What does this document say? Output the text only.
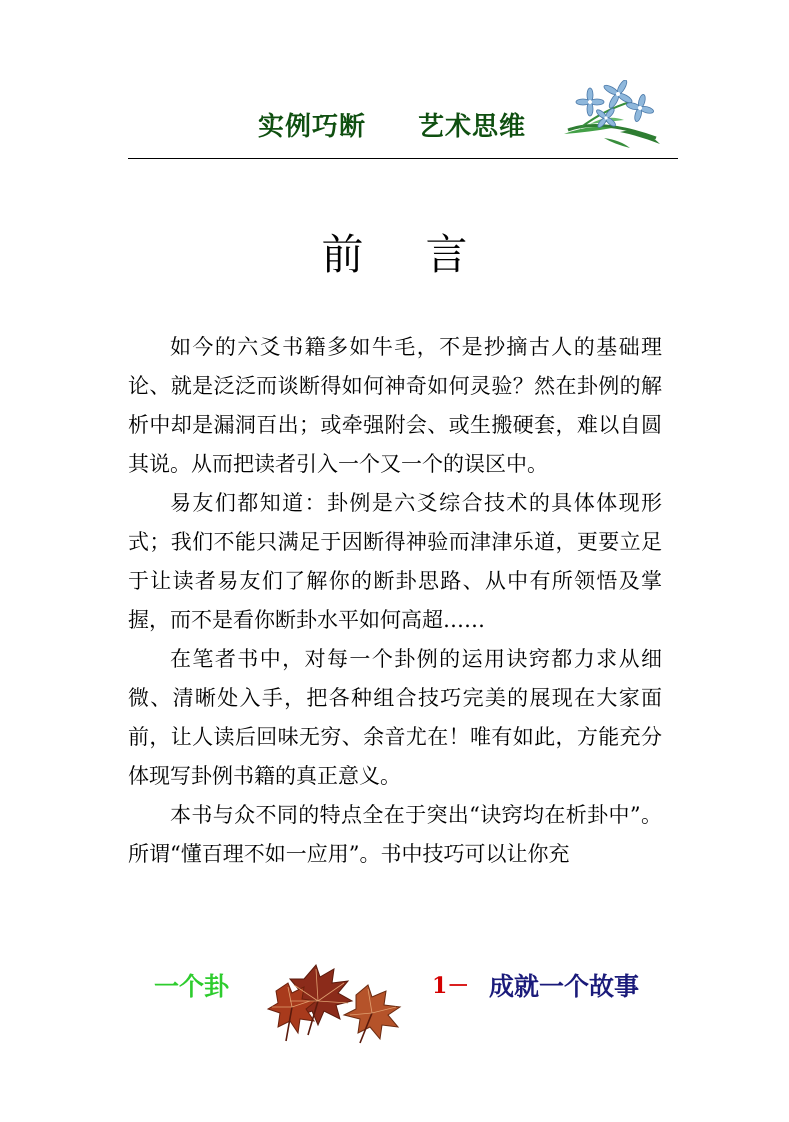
实例巧断 艺术思维
前言

如今的六爻书籍多如牛毛，不是抄摘古人的基础理论、就是泛泛而谈断得如何神奇如何灵验？然在卦例的解析中却是漏洞百出；或牵强附会、或生搬硬套，难以自圆其说。从而把读者引入一个又一个的误区中。

易友们都知道：卦例是六爻综合技术的具体体现形式；我们不能只满足于因断得神验而津津乐道，更要立足于让读者易友们了解你的断卦思路、从中有所领悟及掌握，而不是看你断卦水平如何高超……

在笔者书中，对每一个卦例的运用诀窍都力求从细微、清晰处入手，把各种组合技巧完美的展现在大家面前，让人读后回味无穷、余音尤在！唯有如此，方能充分体现写卦例书籍的真正意义。

本书与众不同的特点全在于突出“诀窍均在析卦中”。所谓“懂百理不如一应用”。书中技巧可以让你充

一个卦	1－ 成就一个故事
